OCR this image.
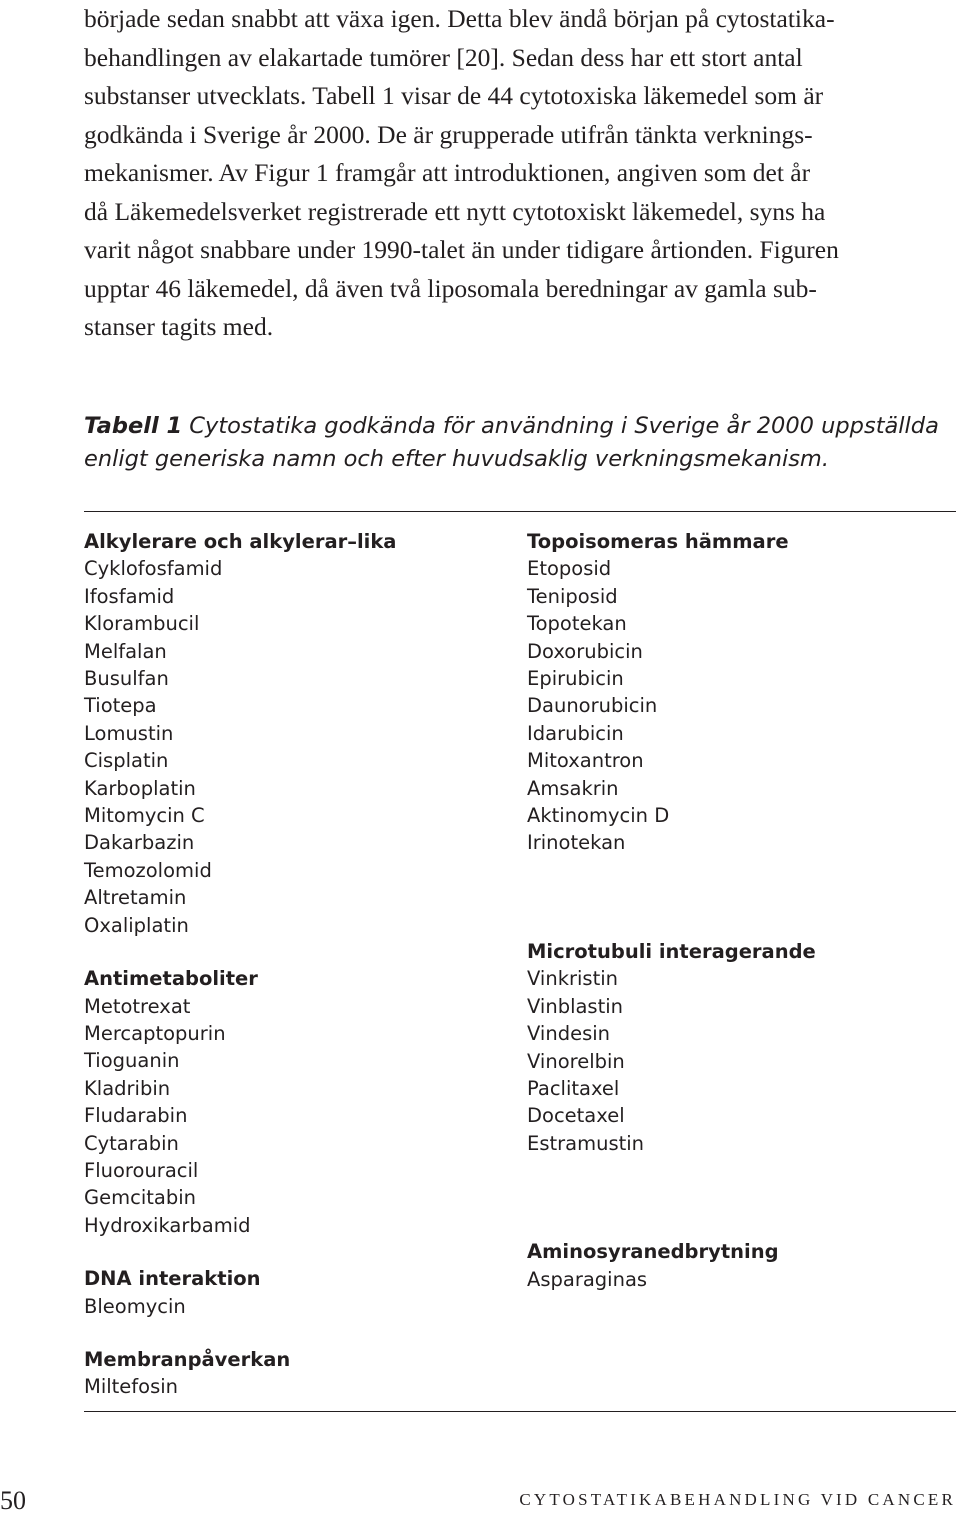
började sedan snabbt att växa igen. Detta blev ändå början på cytostatika-
behandlingen av elakartade tumörer [20]. Sedan dess har ett stort antal
substanser utvecklats. Tabell 1 visar de 44 cytotoxiska läkemedel som är
godkända i Sverige år 2000. De är grupperade utifrån tänkta verknings-
mekanismer. Av Figur 1 framgår att introduktionen, angiven som det år
då Läkemedelsverket registrerade ett nytt cytotoxiskt läkemedel, syns ha
varit något snabbare under 1990-talet än under tidigare årtionden. Figuren
upptar 46 läkemedel, då även två liposomala beredningar av gamla sub-
stanser tagits med.
Tabell 1 Cytostatika godkända för användning i Sverige år 2000 uppställda
enligt generiska namn och efter huvudsaklig verkningsmekanism.
Alkylerare och alkylerar–lika
Cyklofosfamid
Ifosfamid
Klorambucil
Melfalan
Busulfan
Tiotepa
Lomustin
Cisplatin
Karboplatin
Mitomycin C
Dakarbazin
Temozolomid
Altretamin
Oxaliplatin
Antimetaboliter
Metotrexat
Mercaptopurin
Tioguanin
Kladribin
Fludarabin
Cytarabin
Fluorouracil
Gemcitabin
Hydroxikarbamid
DNA interaktion
Bleomycin
Membranpåverkan
Miltefosin
Topoisomeras hämmare
Etoposid
Teniposid
Topotekan
Doxorubicin
Epirubicin
Daunorubicin
Idarubicin
Mitoxantron
Amsakrin
Aktinomycin D
Irinotekan
Microtubuli interagerande
Vinkristin
Vinblastin
Vindesin
Vinorelbin
Paclitaxel
Docetaxel
Estramustin
Aminosyranedbrytning
Asparaginas
50	CYTOSTATIKABEHANDLING VID CANCER
